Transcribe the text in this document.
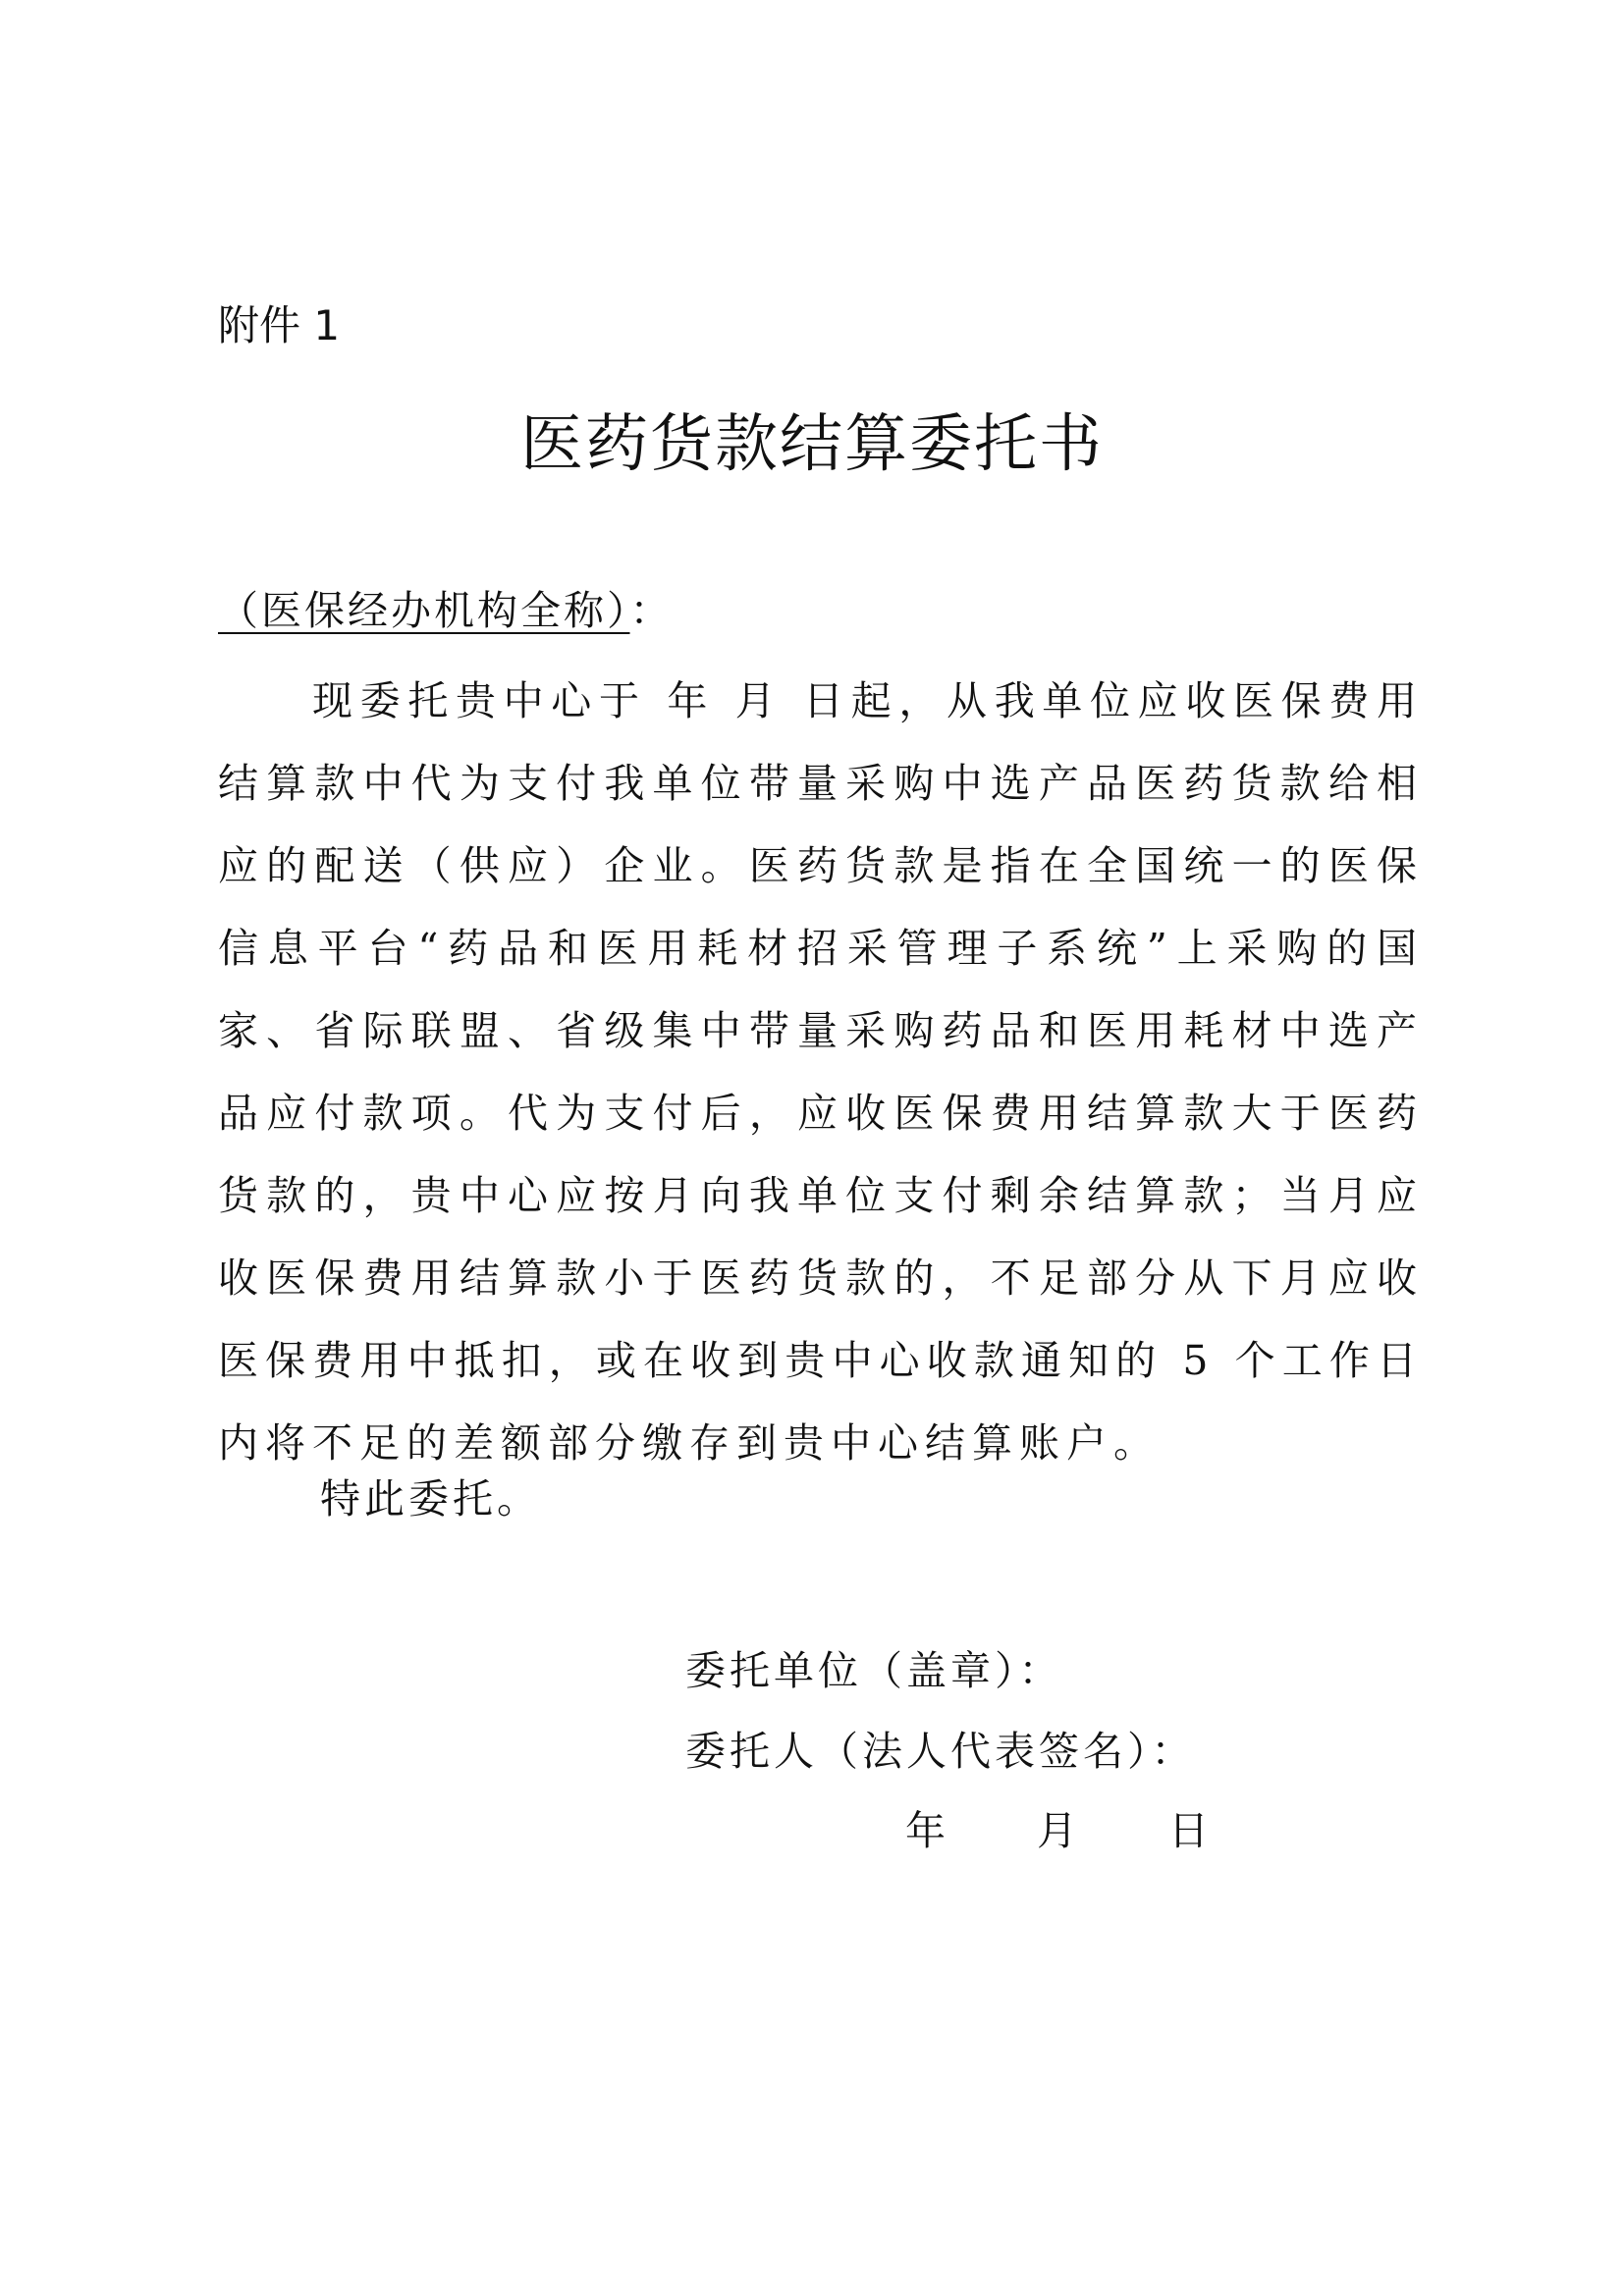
附件 1
医药货款结算委托书
（医保经办机构全称）：

现委托贵中心于 年 月 日起，从我单位应收医保费用结算款中代为支付我单位带量采购中选产品医药货款给相应的配送（供应）企业。医药货款是指在全国统一的医保信息平台“药品和医用耗材招采管理子系统”上采购的国家、省际联盟、省级集中带量采购药品和医用耗材中选产品应付款项。代为支付后，应收医保费用结算款大于医药货款的，贵中心应按月向我单位支付剩余结算款；当月应收医保费用结算款小于医药货款的，不足部分从下月应收医保费用中抵扣，或在收到贵中心收款通知的 5 个工作日内将不足的差额部分缴存到贵中心结算账户。

特此委托。
委托单位（盖章）：
委托人（法人代表签名）：
年 月 日
